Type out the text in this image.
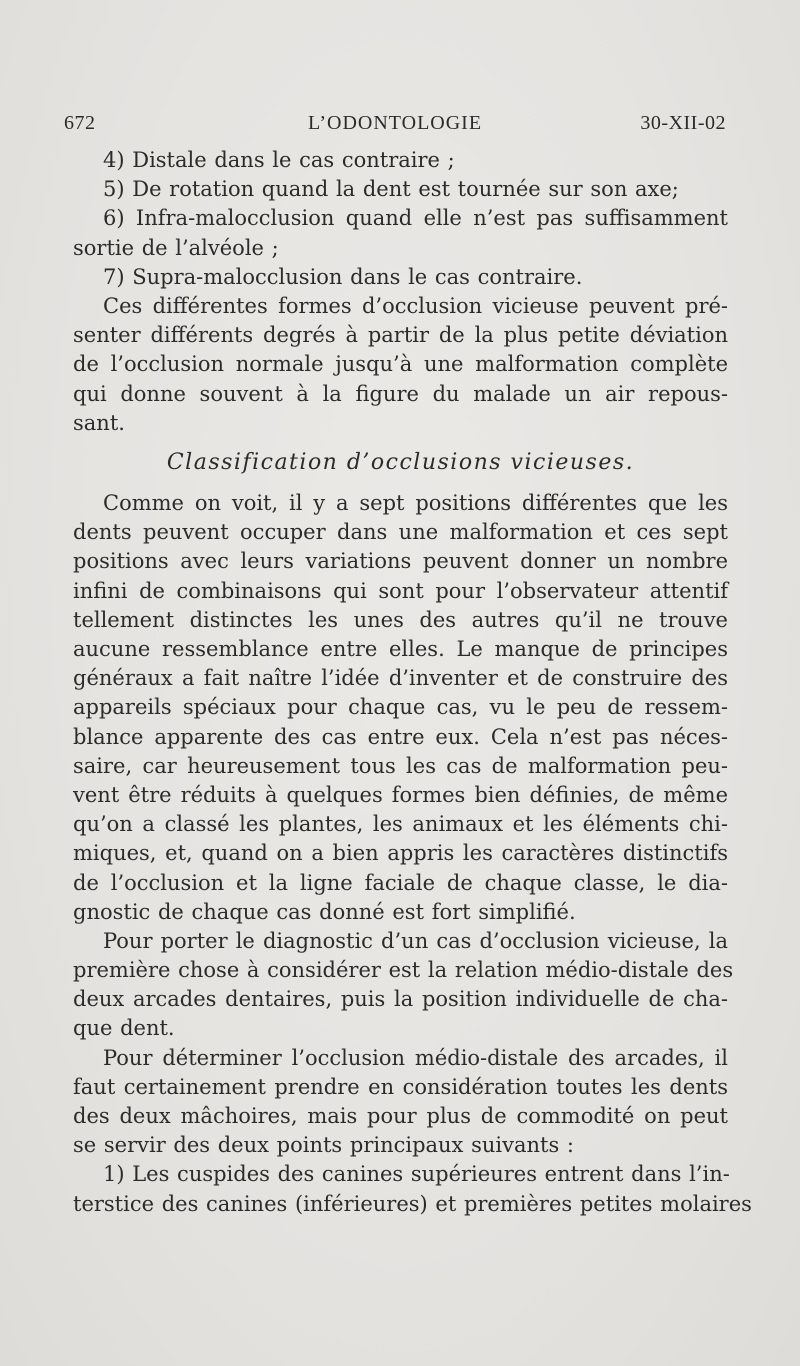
672	L’ODONTOLOGIE	30-XII-02
4) Distale dans le cas contraire ;
5) De rotation quand la dent est tournée sur son axe;
6) Infra-malocclusion quand elle n’est pas suffisamment
sortie de l’alvéole ;
7) Supra-malocclusion dans le cas contraire.
Ces différentes formes d’occlusion vicieuse peuvent pré-
senter différents degrés à partir de la plus petite déviation
de l’occlusion normale jusqu’à une malformation complète
qui donne souvent à la figure du malade un air repous-
sant.
Classification d’occlusions vicieuses.
Comme on voit, il y a sept positions différentes que les
dents peuvent occuper dans une malformation et ces sept
positions avec leurs variations peuvent donner un nombre
infini de combinaisons qui sont pour l’observateur attentif
tellement distinctes les unes des autres qu’il ne trouve
aucune ressemblance entre elles. Le manque de principes
généraux a fait naître l’idée d’inventer et de construire des
appareils spéciaux pour chaque cas, vu le peu de ressem-
blance apparente des cas entre eux. Cela n’est pas néces-
saire, car heureusement tous les cas de malformation peu-
vent être réduits à quelques formes bien définies, de même
qu’on a classé les plantes, les animaux et les éléments chi-
miques, et, quand on a bien appris les caractères distinctifs
de l’occlusion et la ligne faciale de chaque classe, le dia-
gnostic de chaque cas donné est fort simplifié.
Pour porter le diagnostic d’un cas d’occlusion vicieuse, la
première chose à considérer est la relation médio-distale des
deux arcades dentaires, puis la position individuelle de cha-
que dent.
Pour déterminer l’occlusion médio-distale des arcades, il
faut certainement prendre en considération toutes les dents
des deux mâchoires, mais pour plus de commodité on peut
se servir des deux points principaux suivants :
1) Les cuspides des canines supérieures entrent dans l’in-
terstice des canines (inférieures) et premières petites molaires
